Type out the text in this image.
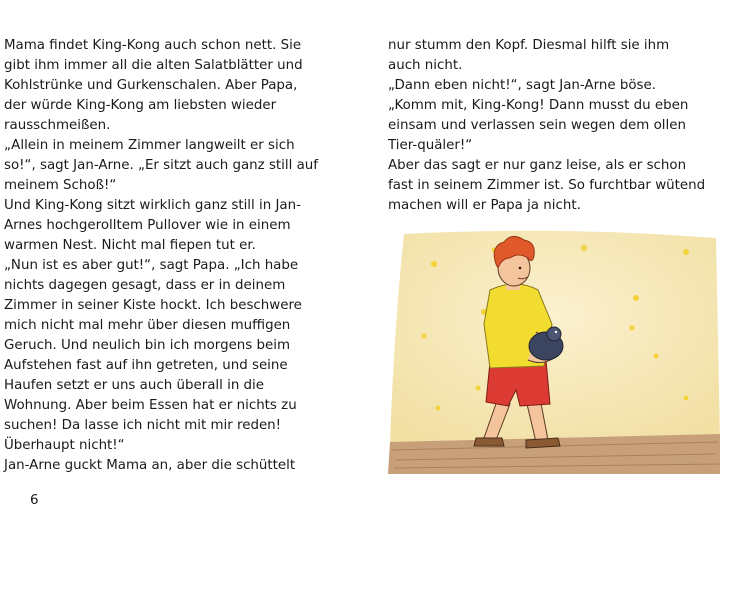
Mama findet King-Kong auch schon nett. Sie

gibt ihm immer all die alten Salatblätter und

Kohlstrünke und Gurkenschalen. Aber Papa,

der würde King-Kong am liebsten wieder

rausschmeißen.

„Allein in meinem Zimmer langweilt er sich

so!“, sagt Jan-Arne. „Er sitzt auch ganz still auf

meinem Schoß!“

Und King-Kong sitzt wirklich ganz still in Jan-

Arnes hochgerolltem Pullover wie in einem

warmen Nest. Nicht mal fiepen tut er.

„Nun ist es aber gut!“, sagt Papa. „Ich habe

nichts dagegen gesagt, dass er in deinem

Zimmer in seiner Kiste hockt. Ich beschwere

mich nicht mal mehr über diesen muffigen

Geruch. Und neulich bin ich morgens beim

Aufstehen fast auf ihn getreten, und seine

Haufen setzt er uns auch überall in die

Wohnung. Aber beim Essen hat er nichts zu

suchen! Da lasse ich nicht mit mir reden!

Überhaupt nicht!“

Jan-Arne guckt Mama an, aber die schüttelt

nur stumm den Kopf. Diesmal hilft sie ihm

auch nicht.

„Dann eben nicht!“, sagt Jan-Arne böse.

„Komm mit, King-Kong! Dann musst du eben

einsam und verlassen sein wegen dem ollen

Tier-quäler!“

Aber das sagt er nur ganz leise, als er schon

fast in seinem Zimmer ist. So furchtbar wütend

machen will er Papa ja nicht.

6
